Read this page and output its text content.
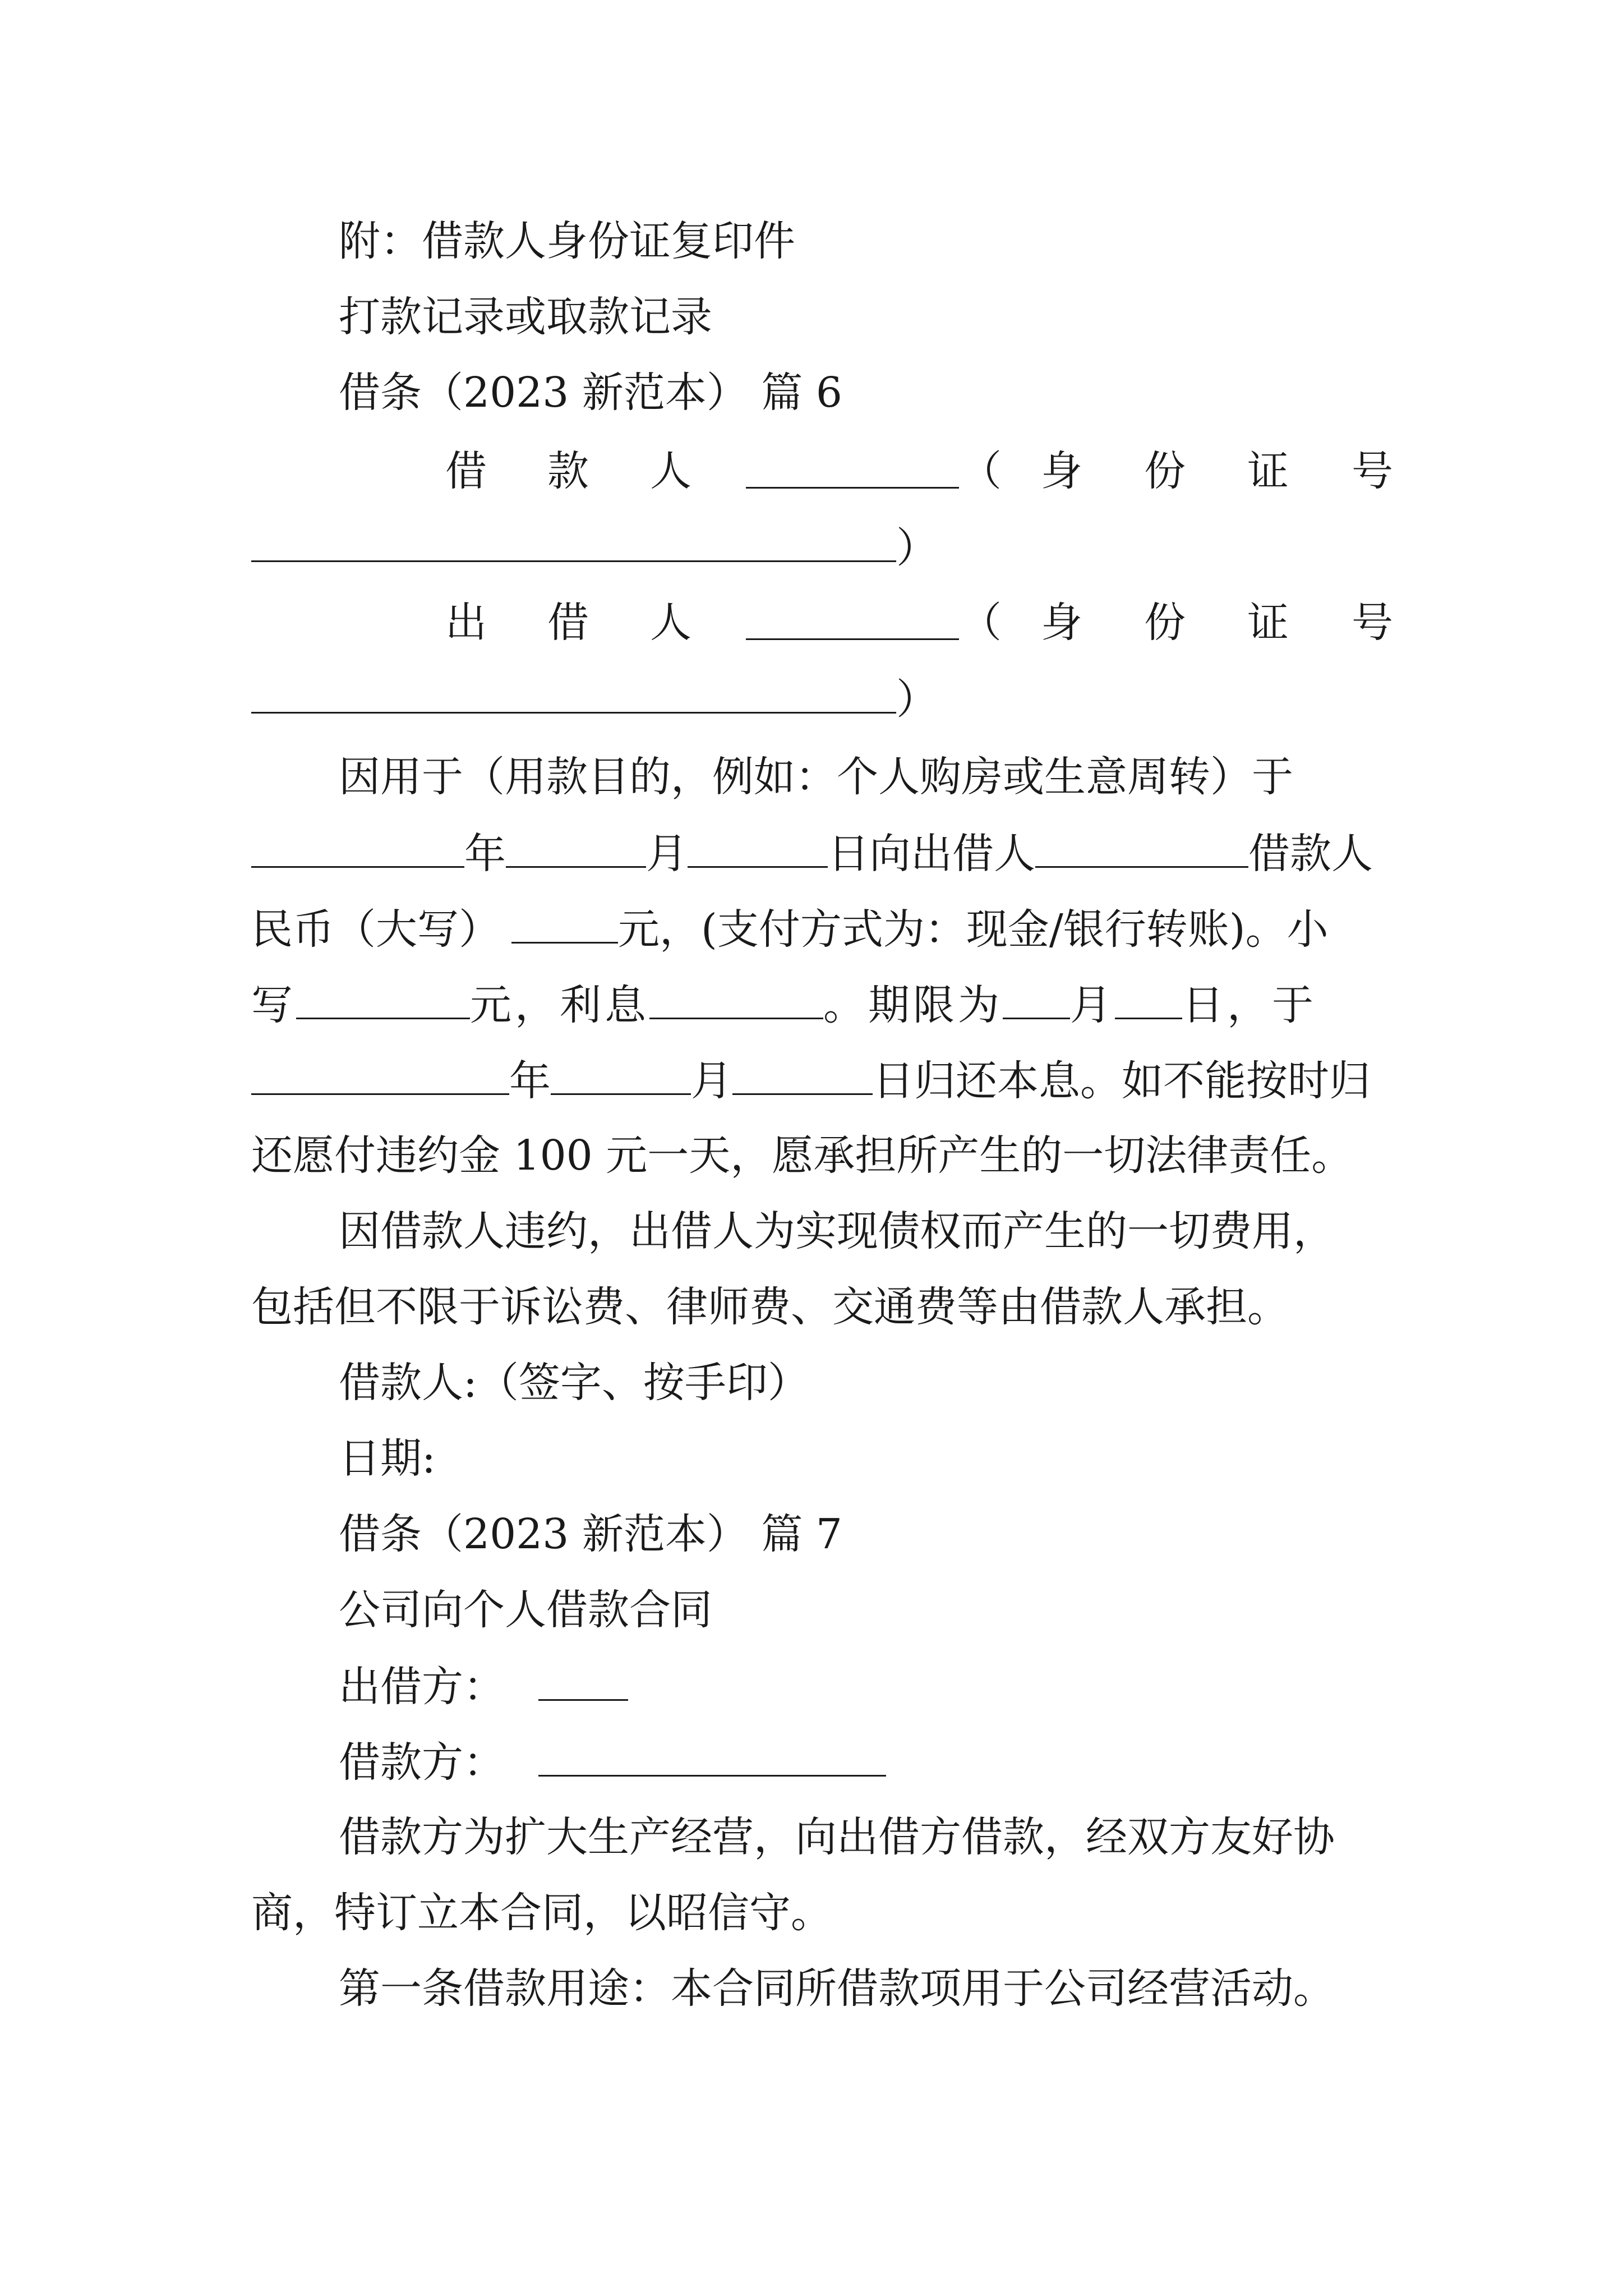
附：借款人身份证复印件
打款记录或取款记录
借条（2023 新范本） 篇 6
借 款 人	（ 身 份 证 号
）
出 借 人	（ 身 份 证 号
）
因用于（用款目的，例如：个人购房或生意周转）于
年	月	日向出借人	借款人
民币（大写）	元，(支付方式为：现金/银行转账)。小
写	元，利息	。期限为 月 日，于
年	月	日归还本息。如不能按时归
还愿付违约金 100 元一天，愿承担所产生的一切法律责任。
因借款人违约，出借人为实现债权而产生的一切费用，
包括但不限于诉讼费、律师费、交通费等由借款人承担。
借款人:（签字、按手印）
日期:
借条（2023 新范本） 篇 7
公司向个人借款合同
出借方：
借款方：
借款方为扩大生产经营，向出借方借款，经双方友好协
商，特订立本合同，以昭信守。
第一条借款用途：本合同所借款项用于公司经营活动。
